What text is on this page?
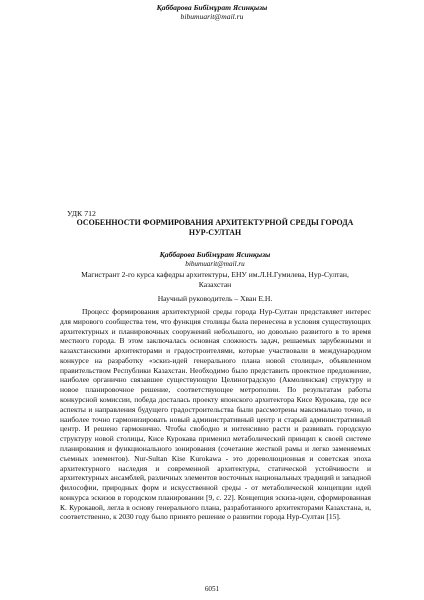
Қаббарова Бибімұрат Ясинқызы
bibumuarit@mail.ru
УДК 712
ОСОБЕННОСТИ ФОРМИРОВАНИЯ АРХИТЕКТУРНОЙ СРЕДЫ ГОРОДА
НУР-СУЛТАН
Қаббарова Бибімұрат Ясинқызы
bibumuarit@mail.ru
Магистрант 2-го курса кафедры архитектуры, ЕНУ им.Л.Н.Гумилева, Нур-Султан,
Казахстан
Научный руководитель – Хван Е.Н.

Процесс формирования архитектурной среды города Нур-Султан представляет интерес для мирового сообщества тем, что функция столицы была перенесена в условия существующих архитектурных и планировочных сооружений небольшого, но довольно развитого в то время местного города. В этом заключалась основная сложность задач, решаемых зарубежными и казахстанскими архитекторами и градостроителями, которые участвовали в международном конкурсе на разработку «эскиз-идей генерального плана новой столицы», объявленном правительством Республики Казахстан. Необходимо было представить проектное предложение, наиболее органично связавшее существующую Целиноградскую (Акмолинская) структуру и новое планировочное решение, соответствующее метрополии. По результатам работы конкурсной комиссии, победа досталась проекту японского архитектора Кисе Курокава, где все аспекты и направления будущего градостроительства были рассмотрены максимально точно, и наиболее точно гармонизировать новый административный центр и старый административный центр. И решено гармонично. Чтобы свободно и интенсивно расти и развивать городскую структуру новой столицы, Кисе Курокава применил метаболический принцип к своей системе планирования и функционального зонирования (сочетание жесткой рамы и легко заменяемых съемных элементов). Nur-Sultan Kise Kurokawa - это дореволюционная и советская эпоха архитектурного наследия и современной архитектуры, статической устойчивости и архитектурных ансамблей, различных элементов восточных национальных традиций и западной философии, природных форм и искусственной среды - от метаболической концепции идей конкурса эскизов в городском планировании [9, c. 22]. Концепция эскиза-идеи, сформированная К. Курокавой, легла в основу генерального плана, разработанного архитекторами Казахстана, и, соответственно, к 2030 году было принято решение о развитии города Нур-Султан [15].

6051
